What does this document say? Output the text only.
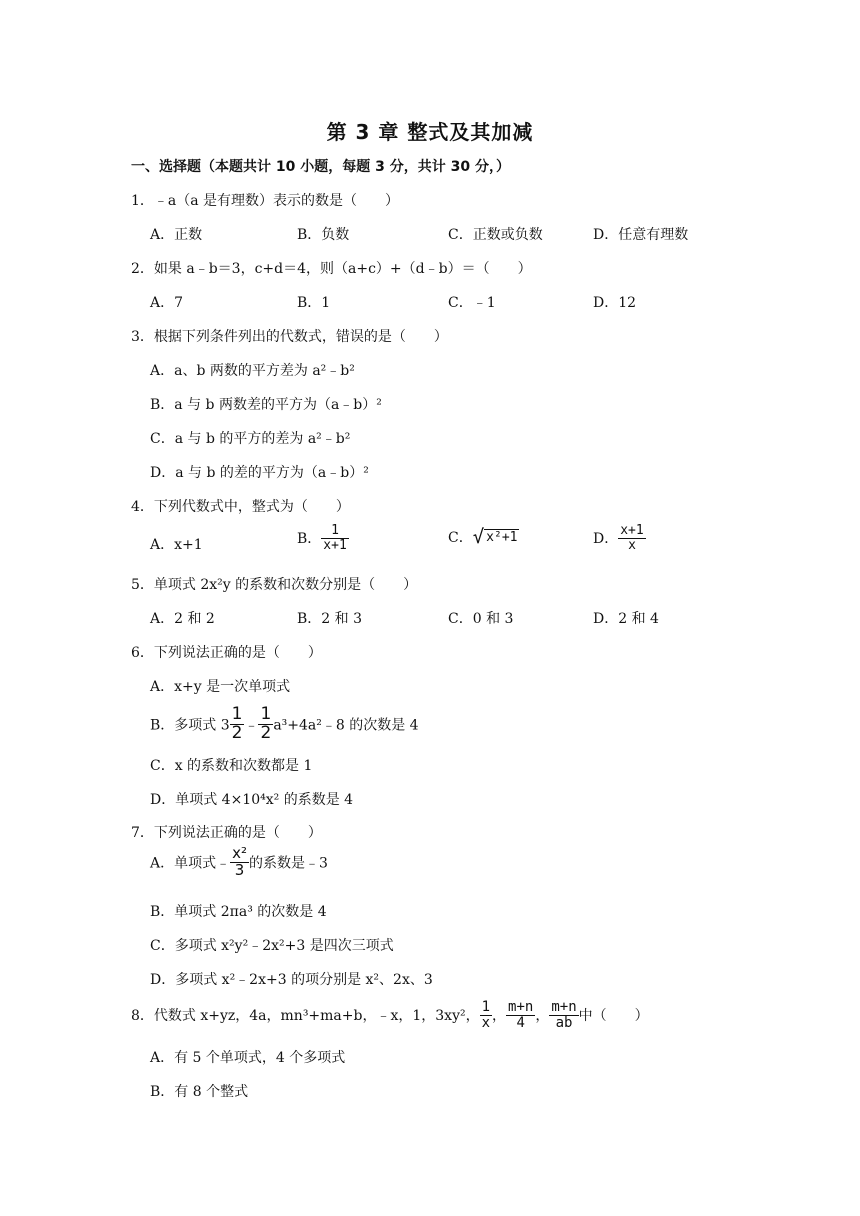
第 3 章 整式及其加减
一、选择题（本题共计 10 小题，每题 3 分，共计 30 分，）
1．﹣a（a 是有理数）表示的数是（　　）
A．正数	B．负数	C．正数或负数	D．任意有理数
2．如果 a﹣b＝3，c+d＝4，则（a+c）+（d﹣b）＝（　　）
A．7	B．1	C．﹣1	D．12
3．根据下列条件列出的代数式，错误的是（　　）
A．a、b 两数的平方差为 a²﹣b²
B．a 与 b 两数差的平方为（a﹣b）²
C．a 与 b 的平方的差为 a²﹣b²
D．a 与 b 的差的平方为（a﹣b）²
4．下列代数式中，整式为（　　）
A．x+1	B． $\frac{1}{x+1}$	C．√ x²+1	D． $\frac{x+1}{x}$
5．单项式 2x²y 的系数和次数分别是（　　）
A．2 和 2	B．2 和 3	C．0 和 3	D．2 和 4
6．下列说法正确的是（　　）
A．x+y 是一次单项式
B．多项式 $3 \frac{1}{2}$ ﹣ $\frac{1}{2}$ a³+4a²﹣8 的次数是 4
C．x 的系数和次数都是 1
D．单项式 4×10⁴x² 的系数是 4
7．下列说法正确的是（　　）
A．单项式﹣ $\frac{\text{x²}}{3}$ 的系数是﹣3
B．单项式 2πa³ 的次数是 4
C．多项式 x²y²﹣2x²+3 是四次三项式
D．多项式 x²﹣2x+3 的项分别是 x²、2x、3
8．代数式 x+yz，4a，mn³+ma+b，﹣x，1，3xy²， $\frac{1}{x}$ ， $\frac{m+n}{4}$ ， $\frac{m+n}{ab}$ 中（　　）
A．有 5 个单项式，4 个多项式
B．有 8 个整式
